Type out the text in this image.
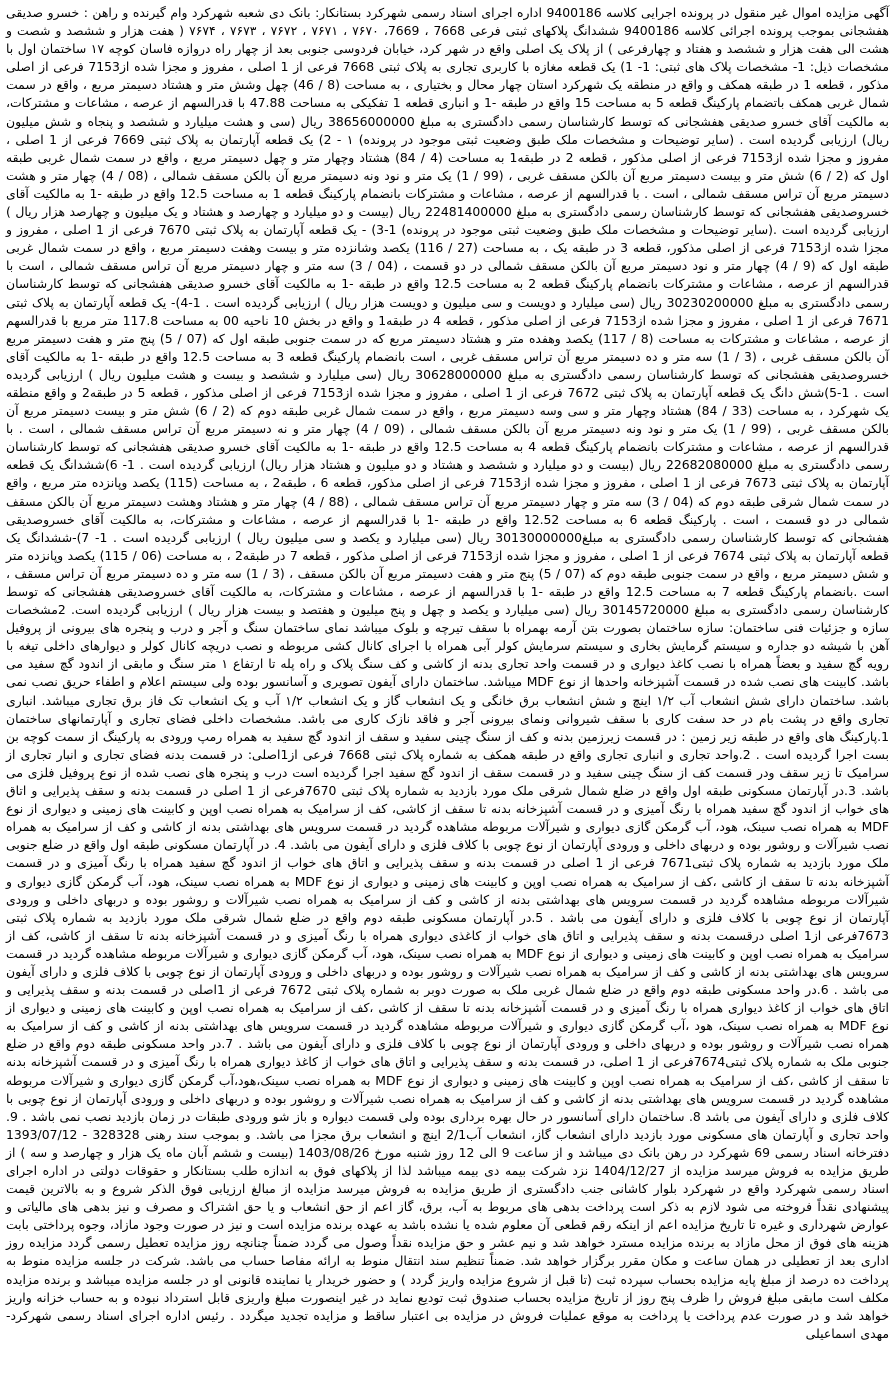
آگهی مزایده اموال غیر منقول در پرونده اجرایی کلاسه 9400186 اداره اجرای اسناد رسمی شهرکرد بستانکار: بانک دی شعبه شهرکرد وام گیرنده و راهن : خسرو صدیقی هفشجانی بموجب پرونده اجرائی کلاسه 9400186 ششدانگ پلاکهای ثبتی فرعی 7668 ، 7669، ۷۶۷۰ ، ۷۶۷۱ ، ۷۶۷۲ ، ۷۶۷۳ ، ۷۶۷۴ ( هفت هزار و ششصد و شصت و هشت الی هفت هزار و ششصد و هفتاد و چهارفرعی ) از پلاک یک اصلی واقع در شهر کرد، خیابان فردوسی جنوبی بعد از چهار راه دروازه فاسان کوچه ۱۷ ساختمان اول با مشخصات ذیل: 1- مشخصات پلاک های ثبتی: 1- 1) یک قطعه مغازه با کاربری تجاری به پلاک ثبتی 7668 فرعی از 1 اصلی ، مفروز و مجزا شده از7153 فرعی از اصلی مذکور ، قطعه 1 در طبقه همکف و واقع در منطقه یک شهرکرد استان چهار محال و بختیاری ، به مساحت (8 / 46) چهل وشش متر و هشتاد دسیمتر مربع ، واقع در سمت شمال غربی همکف باتضمام پارکینگ قطعه 5 به مساحت 15 واقع در طبقه -1 و انباری قطعه 1 تفکیکی به مساحت 47.88 با قدرالسهم از عرصه ، مشاعات و مشترکات، به مالکیت آقای خسرو صدیقی هفشجانی که توسط کارشناسان رسمی دادگستری به مبلغ 38656000000 ریال (سی و هشت میلیارد و ششصد و پنجاه و شش میلیون ریال) ارزیابی گردیده است . (سایر توضیحات و مشخصات ملک طبق وضعیت ثبتی موجود در پرونده) ۱ - 2) یک قطعه آپارتمان به پلاک ثبتی 7669 فرعی از 1 اصلی ، مفروز و مجزا شده از7153 فرعی از اصلی مذکور ، قطعه 2 در طبقه1 به مساحت (4 / 84) هشتاد وچهار متر و چهل دسیمتر مربع ، واقع در سمت شمال غربی طبقه اول که (2 / 6) شش متر و بیست دسیمتر مربع آن بالکن مسقف غربی ، (99 / 1) یک متر و نود ونه دسیمتر مربع آن بالکن مسقف شمالی ، (08 / 4) چهار متر و هشت دسیمتر مربع آن تراس مسقف شمالی ، است . با قدرالسهم از عرصه ، مشاعات و مشترکات بانضمام پارکینگ قطعه 1 به مساحت 12.5 واقع در طبقه -1 به مالکیت آقای خسروصدیقی هفشجانی که توسط کارشناسان رسمی دادگستری به مبلغ 22481400000 ریال (بیست و دو میلیارد و چهارصد و هشتاد و یک میلیون و چهارصد هزار ریال ) ارزیابی گردیده است .(سایر توضیحات و مشخصات ملک طبق وضعیت ثبتی موجود در پرونده) 1-3) - یک قطعه آپارتمان به پلاک ثبتی 7670 فرعی از 1 اصلی ، مفروز و مجزا شده از7153 فرعی از اصلی مذکور، قطعه 3 در طبقه یک ، به مساحت (27 / 116) یکصد وشانزده متر و بیست وهفت دسیمتر مربع ، واقع در سمت شمال غربی طبقه اول که (9 / 4) چهار متر و نود دسیمتر مربع آن بالکن مسقف شمالی در دو قسمت ، (04 / 3) سه متر و چهار دسیمتر مربع آن تراس مسقف شمالی ، است با قدرالسهم از عرصه ، مشاعات و مشترکات بانضمام پارکینگ قطعه 2 به مساحت 12.5 واقع در طبقه -1 به مالکیت آقای خسرو صدیقی هفشجانی که توسط کارشناسان رسمی دادگستری به مبلغ 30230200000 ریال (سی میلیارد و دویست و سی میلیون و دویست هزار ریال ) ارزیابی گردیده است . 1-4)- یک قطعه آپارتمان به پلاک ثبتی 7671 فرعی از 1 اصلی ، مفروز و مجزا شده از7153 فرعی از اصلی مذکور ، قطعه 4 در طبقه1 و واقع در بخش 10 ناحیه 00 به مساحت 117.8 متر مربع با قدرالسهم از عرصه ، مشاعات و مشترکات به مساحت (8 / 117) یکصد وهفده متر و هشتاد دسیمتر مربع که در سمت جنوبی طبقه اول که (07 / 5) پنج متر و هفت دسیمتر مربع آن بالکن مسقف غربی ، (3 / 1) سه متر و ده دسیمتر مربع آن تراس مسقف غربی ، است بانضمام پارکینگ قطعه 3 به مساحت 12.5 واقع در طبقه -1 به مالکیت آقای خسروصدیقی هفشجانی که توسط کارشناسان رسمی دادگستری به مبلغ 30628000000 ریال (سی میلیارد و ششصد و بیست و هشت میلیون ریال ) ارزیابی گردیده است . 1-5)شش دانگ یک قطعه آپارتمان به پلاک ثبتی 7672 فرعی از 1 اصلی ، مفروز و مجزا شده از7153 فرعی از اصلی مذکور ، قطعه 5 در طبقه2 و واقع منطقه یک شهرکرد ، به مساحت (33 / 84) هشتاد وچهار متر و سی وسه دسیمتر مربع ، واقع در سمت شمال غربی طبقه دوم که (2 / 6) شش متر و بیست دسیمتر مربع آن بالکن مسقف غربی ، (99 / 1) یک متر و نود ونه دسیمتر مربع آن بالکن مسقف شمالی ، (09 / 4) چهار متر و نه دسیمتر مربع آن تراس مسقف شمالی ، است . با قدرالسهم از عرصه ، مشاعات و مشترکات بانضمام پارکینگ قطعه 4 به مساحت 12.5 واقع در طبقه -1 به مالکیت آقای خسرو صدیقی هفشجانی که توسط کارشناسان رسمی دادگستری به مبلغ 22682080000 ریال (بیست و دو میلیارد و ششصد و هشتاد و دو میلیون و هشتاد هزار ریال) ارزیابی گردیده است . 1- 6)ششدانگ یک قطعه آپارتمان به پلاک ثبتی 7673 فرعی از 1 اصلی ، مفروز و مجزا شده از7153 فرعی از اصلی مذکور، قطعه 6 ، طبقه2 ، به مساحت (115) یکصد وپانزده متر مربع ، واقع در سمت شمال شرقی طبقه دوم که (04 / 3) سه متر و چهار دسیمتر مربع آن تراس مسقف شمالی ، (88 / 4) چهار متر و هشتاد وهشت دسیمتر مربع آن بالکن مسقف شمالی در دو قسمت ، است . پارکینگ قطعه 6 به مساحت 12.52 واقع در طبقه -1 با قدرالسهم از عرصه ، مشاعات و مشترکات، به مالکیت آقای خسروصدیقی هفشجانی که توسط کارشناسان رسمی دادگستری به مبلغ30130000000 ریال (سی میلیارد و یکصد و سی میلیون ریال ) ارزیابی گردیده است . 1- 7)-ششدانگ یک قطعه آپارتمان به پلاک ثبتی 7674 فرعی از 1 اصلی ، مفروز و مجزا شده از7153 فرعی از اصلی مذکور ، قطعه 7 در طبقه2 ، به مساحت (06 / 115) یکصد وپانزده متر و شش دسیمتر مربع ، واقع در سمت جنوبی طبقه دوم که (07 / 5) پنج متر و هفت دسیمتر مربع آن بالکن مسقف ، (3 / 1) سه متر و ده دسیمتر مربع آن تراس مسقف ، است .بانضمام پارکینگ قطعه 7 به مساحت 12.5 واقع در طبقه -1 با قدرالسهم از عرصه ، مشاعات و مشترکات، به مالکیت آقای خسروصدیقی هفشجانی که توسط کارشناسان رسمی دادگستری به مبلغ 30145720000 ریال (سی میلیارد و یکصد و چهل و پنج میلیون و هفتصد و بیست هزار ریال ) ارزیابی گردیده است. 2مشخصات سازه و جزئیات فنی ساختمان: سازه ساختمان بصورت بتن آرمه بهمراه با سقف تیرچه و بلوک میباشد نمای ساختمان سنگ و آجر و درب و پنجره های بیرونی از پروفیل آهن با شیشه دو جداره و سیستم گرمایش بخاری و سیستم سرمایش کولر آبی همراه با اجرای کانال کشی مربوطه و نصب دریچه کانال کولر و دیوارهای داخلی تیغه با رویه گچ سفید و بعضاً همراه با نصب کاغذ دیواری و در قسمت واحد تجاری بدنه از کاشی و کف سنگ پلاک و راه پله تا ارتفاع ۱ متر سنگ و مابقی از اندود گچ سفید می باشد. کابینت های نصب شده در قسمت آشپزخانه واحدها از نوع MDF میباشد. ساختمان دارای آیفون تصویری و آسانسور بوده ولی سیستم اعلام و اطفاء حریق نصب نمی باشد. ساختمان دارای شش انشعاب آب ۱/۲ اینچ و شش انشعاب برق خانگی و یک انشعاب گاز و یک انشعاب ۱/۲ آب و یک انشعاب تک فاز برق تجاری میباشد. انباری تجاری واقع در پشت بام در حد سفت کاری با سقف شیروانی ونمای بیرونی آجر و فاقد نازک کاری می باشد. مشخصات داخلی فضای تجاری و آپارتمانهای ساختمان 1.پارکینگ های واقع در طبقه زیر زمین : در قسمت زیرزمین بدنه و کف از سنگ چینی سفید و سقف از اندود گچ سفید به همراه رمپ ورودی به پارکینگ از سمت کوچه بن بست اجرا گردیده است . 2.واحد تجاری و انباری تجاری واقع در طبقه همکف به شماره پلاک ثبتی 7668 فرعی از1اصلی: در قسمت بدنه فضای تجاری و انبار تجاری از سرامیک تا زیر سقف ودر قسمت کف از سنگ چینی سفید و در قسمت سقف از اندود گچ سفید اجرا گردیده است درب و پنجره های نصب شده از نوع پروفیل فلزی می باشد. 3.در آپارتمان مسکونی طبقه اول واقع در ضلع شمال شرقی ملک مورد بازدید به شماره پلاک ثبتی 7670فرعی از 1 اصلی در قسمت بدنه و سقف پذیرایی و اتاق های خواب از اندود گچ سفید همراه با رنگ آمیزی و در قسمت آشپزخانه بدنه تا سقف از کاشی، کف از سرامیک به همراه نصب اوپن و کابینت های زمینی و دیواری از نوع MDF به همراه نصب سینک، هود، آب گرمکن گازی دیواری و شیرآلات مربوطه مشاهده گردید در قسمت سرویس های بهداشتی بدنه از کاشی و کف از سرامیک به همراه نصب شیرآلات و روشور بوده و دربهای داخلی و ورودی آپارتمان از نوع چوبی با کلاف فلزی و دارای آیفون می باشد. 4. در آپارتمان مسکونی طبقه اول واقع در ضلع جنوبی ملک مورد بازدید به شماره پلاک ثبتی7671 فرعی از 1 اصلی در قسمت بدنه و سقف پذیرایی و اتاق های خواب از اندود گچ سفید همراه با رنگ آمیزی و در قسمت آشپزخانه بدنه تا سقف از کاشی ،کف از سرامیک به همراه نصب اوپن و کابینت های زمینی و دیواری از نوع MDF به همراه نصب سینک، هود، آب گرمکن گازی دیواری و شیرآلات مربوطه مشاهده گردید در قسمت سرویس های بهداشتی بدنه از کاشی و کف از سرامیک به همراه نصب شیرآلات و روشور بوده و دربهای داخلی و ورودی آپارتمان از نوع چوبی با کلاف فلزی و دارای آیفون می باشد . 5.در آپارتمان مسکونی طبقه دوم واقع در ضلع شمال شرقی ملک مورد بازدید به شماره پلاک ثبتی 7673فرعی از1 اصلی درقسمت بدنه و سقف پذیرایی و اتاق های خواب از کاغذی دیواری همراه با رنگ آمیزی و در قسمت آشپزخانه بدنه تا سقف از کاشی، کف از سرامیک به همراه نصب اوپن و کابینت های زمینی و دیواری از نوع MDF به همراه نصب سینک، هود، آب گرمکن گازی دیواری و شیرآلات مربوطه مشاهده گردید در قسمت سرویس های بهداشتی بدنه از کاشی و کف از سرامیک به همراه نصب شیرآلات و روشور بوده و دربهای داخلی و ورودی آپارتمان از نوع چوبی با کلاف فلزی و دارای آیفون می باشد . 6.در واحد مسکونی طبقه دوم واقع در ضلع شمال غربی ملک به صورت دوبر به شماره پلاک ثبتی 7672 فرعی از 1اصلی در قسمت بدنه و سقف پذیرایی و اتاق های خواب از کاغذ دیواری همراه با رنگ آمیزی و در قسمت آشپزخانه بدنه تا سقف از کاشی ،کف از سرامیک به همراه نصب اوپن و کابینت های زمینی و دیواری از نوع MDF به همراه نصب سینک، هود ،آب گرمکن گازی دیواری و شیرآلات مربوطه مشاهده گردید در قسمت سرویس های بهداشتی بدنه از کاشی و کف از سرامیک به همراه نصب شیرآلات و روشور بوده و دربهای داخلی و ورودی آپارتمان از نوع چوبی با کلاف فلزی و دارای آیفون می باشد . 7.در واحد مسکونی طبقه دوم واقع در ضلع جنوبی ملک به شماره پلاک ثبتی7674فرعی از 1 اصلی، در قسمت بدنه و سقف پذیرایی و اتاق های خواب از کاغذ دیواری همراه با رنگ آمیزی و در قسمت آشپزخانه بدنه تا سقف از کاشی ،کف از سرامیک به همراه نصب اوپن و کابینت های زمینی و دیواری از نوع MDF به همراه نصب سینک،هود،آب گرمکن گازی دیواری و شیرآلات مربوطه مشاهده گردید در قسمت سرویس های بهداشتی بدنه از کاشی و کف از سرامیک به همراه نصب شیرآلات و روشور بوده و دربهای داخلی و ورودی آپارتمان از نوع چوبی با کلاف فلزی و دارای آیفون می باشد 8. ساختمان دارای آسانسور در حال بهره برداری بوده ولی قسمت دیواره و باز شو ورودی طبقات در زمان بازدید نصب نمی باشد . 9. واحد تجاری و آپارتمان های مسکونی مورد بازدید دارای انشعاب گاز، انشعاب آب2/1 اینچ و انشعاب برق مجزا می باشد. و بموجب سند رهنی 328328 - 1393/07/12 دفترخانه اسناد رسمی 69 شهرکرد در رهن بانک دی میباشد و از ساعت 9 الی 12 روز شنبه مورخ 1403/08/26 (بیست و ششم آبان ماه یک هزار و چهارصد و سه ) از طریق مزایده به فروش میرسد مزایده از 1404/12/27 نزد شرکت بیمه دی بیمه میباشد لذا از پلاکهای فوق به اندازه طلب بستانکار و حقوقات دولتی در اداره اجرای اسناد رسمی شهرکرد واقع در شهرکرد بلوار کاشانی جنب دادگستری از طریق مزایده به فروش میرسد مزایده از مبالغ ارزیابی فوق الذکر شروع و به بالاترین قیمت پیشنهادی نقداً فروخته می شود لازم به ذکر است پرداخت بدهی های مربوط به آب، برق، گاز اعم از حق انشعاب و یا حق اشتراک و مصرف و نیز بدهی های مالیاتی و عوارض شهرداری و غیره تا تاریخ مزایده اعم از اینکه رقم قطعی آن معلوم شده یا نشده باشد به عهده برنده مزایده است و نیز در صورت وجود مازاد، وجوه پرداختی بابت هزینه های فوق از محل مازاد به برنده مزایده مسترد خواهد شد و نیم عشر و حق مزایده نقداً وصول می گردد ضمناً چنانچه روز مزایده تعطیل رسمی گردد مزایده روز اداری بعد از تعطیلی در همان ساعت و مکان مقرر برگزار خواهد شد. ضمناً تنظیم سند انتقال منوط به ارائه مفاصا حساب می باشد. شرکت در جلسه مزایده منوط به پرداخت ده درصد از مبلغ پایه مزایده بحساب سپرده ثبت (تا قبل از شروع مزایده واریز گردد ) و حضور خریدار یا نماینده قانونی او در جلسه مزایده میباشد و برنده مزایده مکلف است مابقی مبلغ فروش را ظرف پنج روز از تاریخ مزایده بحساب صندوق ثبت تودیع نماید در غیر اینصورت مبلغ واریزی قابل استرداد نبوده و به حساب خزانه واریز خواهد شد و در صورت عدم پرداخت یا پرداخت به موقع عملیات فروش در مزایده بی اعتبار ساقط و مزایده تجدید میگردد . رئیس اداره اجرای اسناد رسمی شهرکرد- مهدی اسماعیلی
